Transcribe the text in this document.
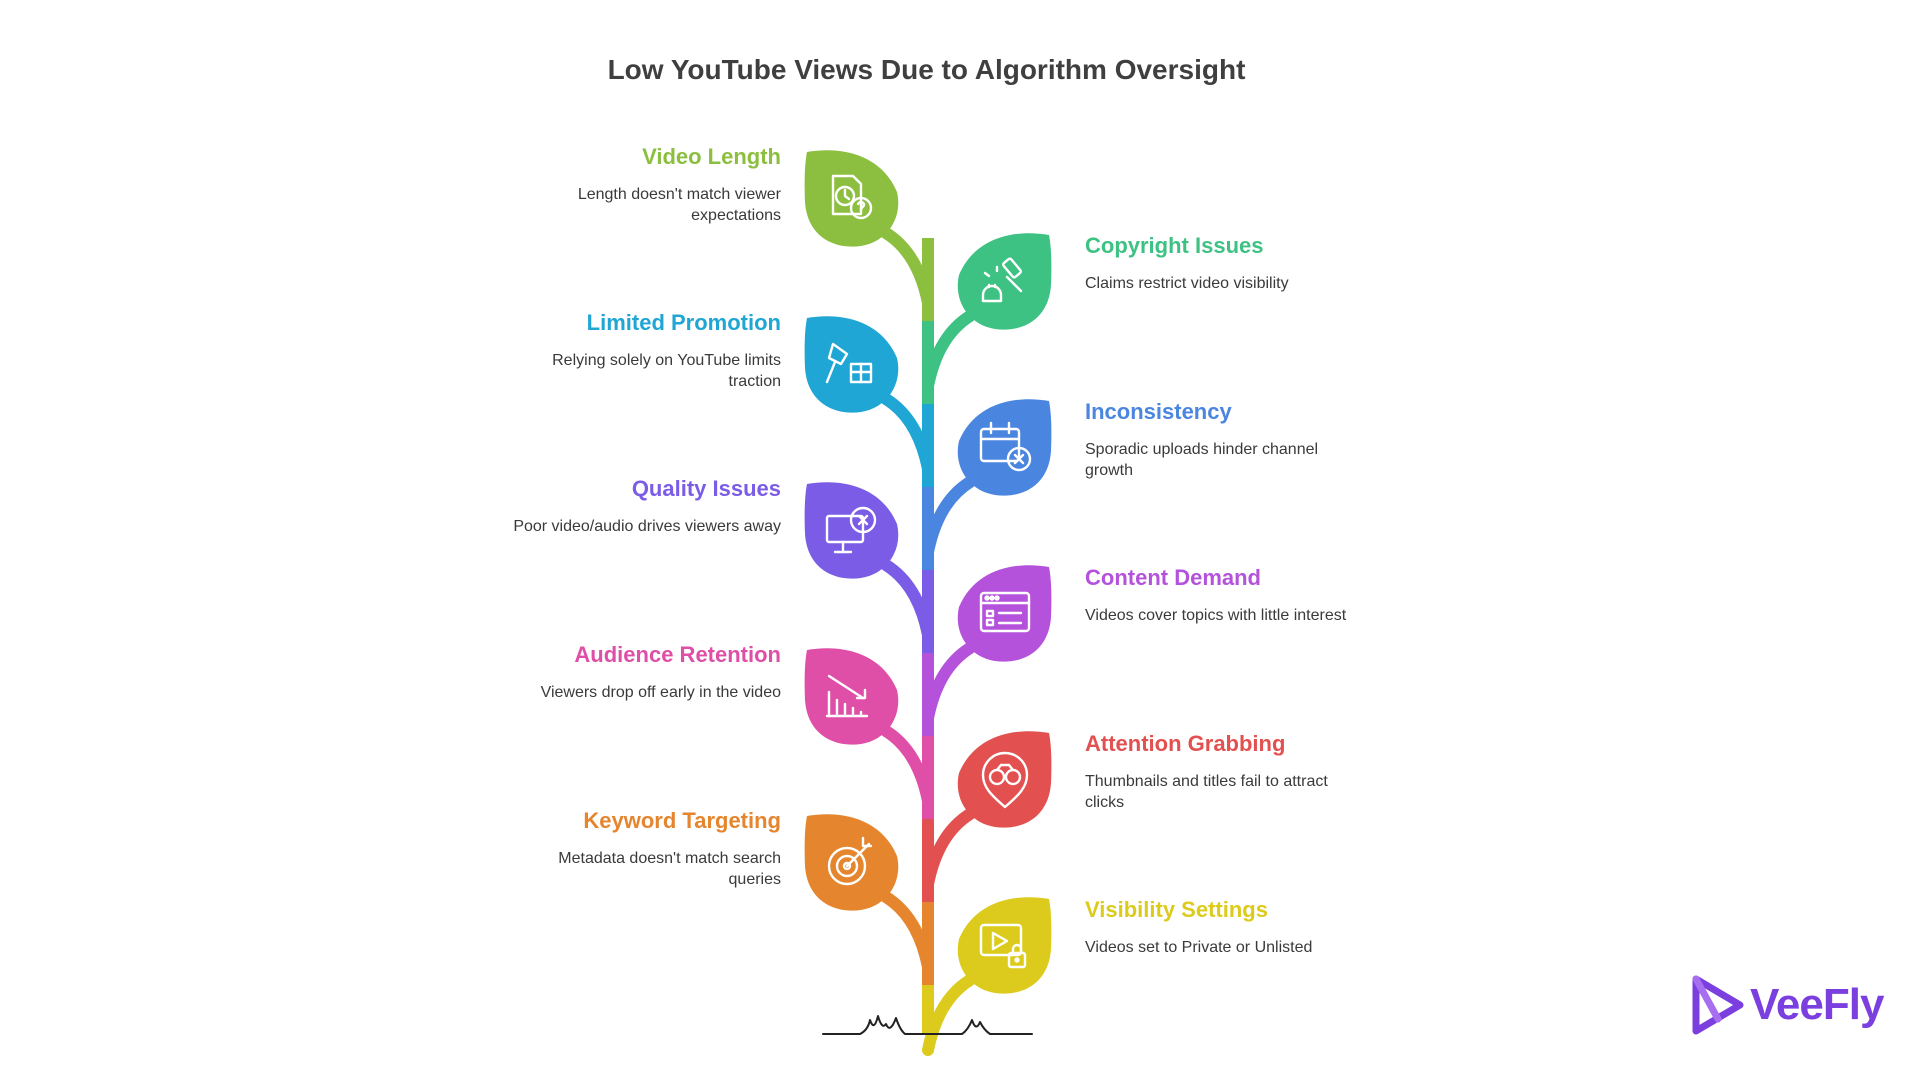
Low YouTube Views Due to Algorithm Oversight

Video Length

Length doesn't match viewer expectations

Copyright Issues

Claims restrict video visibility

Limited Promotion

Relying solely on YouTube limits traction

Inconsistency

Sporadic uploads hinder channel growth

Quality Issues

Poor video/audio drives viewers away

Content Demand

Videos cover topics with little interest

Audience Retention

Viewers drop off early in the video

Attention Grabbing

Thumbnails and titles fail to attract clicks

Keyword Targeting

Metadata doesn't match search queries

Visibility Settings

Videos set to Private or Unlisted

VeeFly
